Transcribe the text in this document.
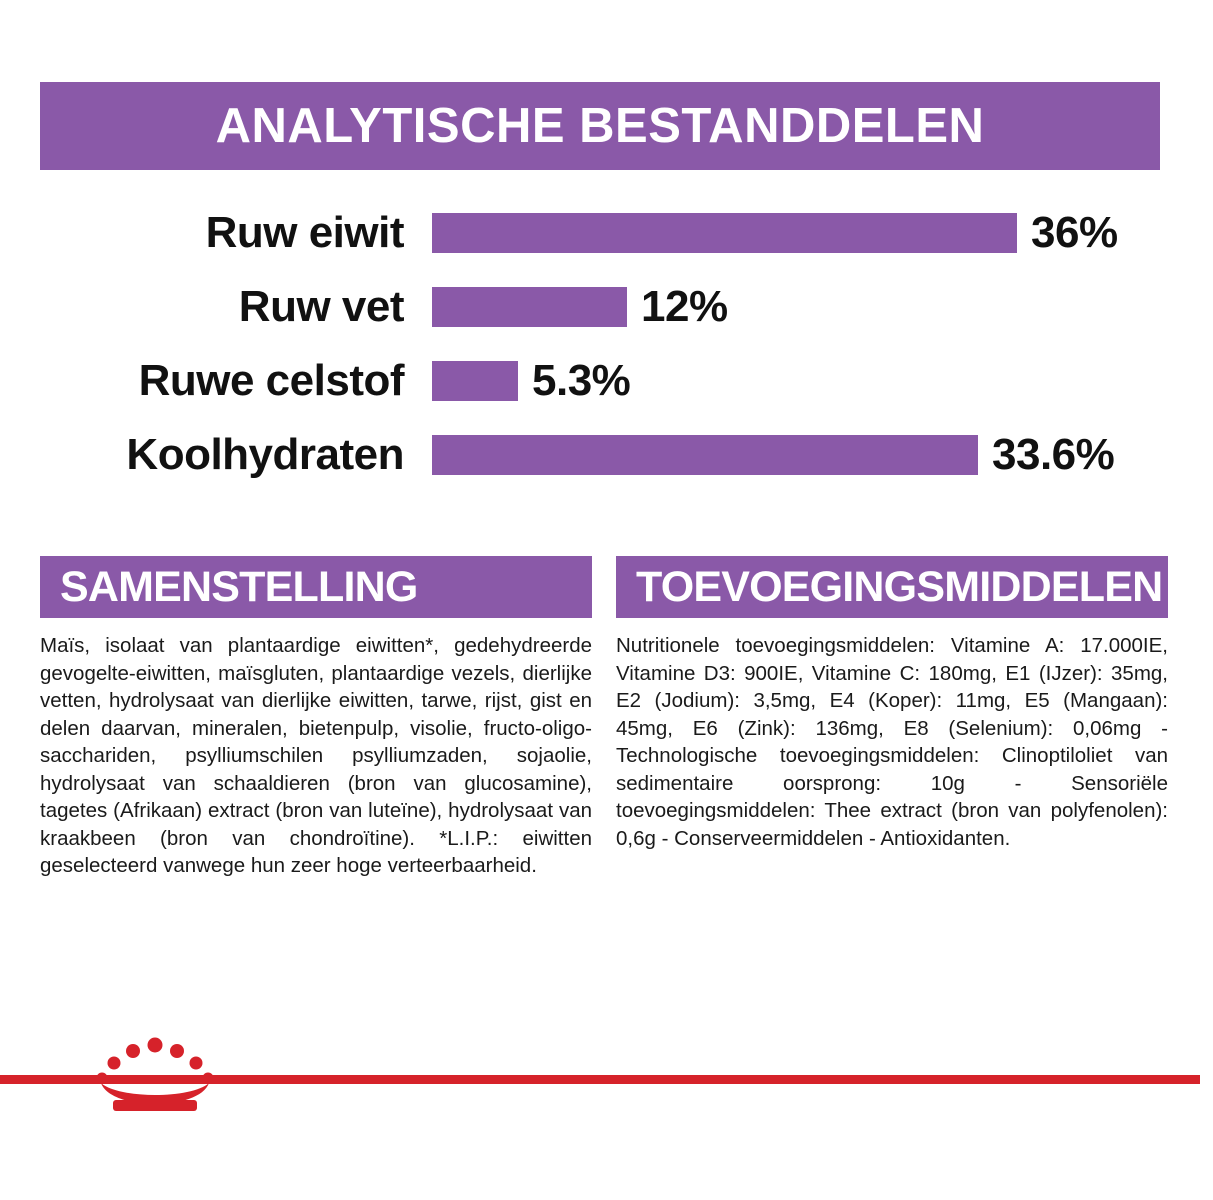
ANALYTISCHE BESTANDDELEN
Ruw eiwit	36%
Ruw vet	12%
Ruwe celstof	5.3%
Koolhydraten	33.6%
SAMENSTELLING

Maïs, isolaat van plantaardige eiwitten*, gedehydreerde gevogelte-eiwitten, maïsgluten, plantaardige vezels, dierlijke vetten, hydrolysaat van dierlijke eiwitten, tarwe, rijst, gist en delen daarvan, mineralen, bietenpulp, visolie, fructo-oligo-sacchariden, psylliumschilen psylliumzaden, sojaolie, hydrolysaat van schaaldieren (bron van glucosamine), tagetes (Afrikaan) extract (bron van luteïne), hydrolysaat van kraakbeen (bron van chondroïtine). *L.I.P.: eiwitten geselecteerd vanwege hun zeer hoge verteerbaarheid.

TOEVOEGINGSMIDDELEN (/kg)

Nutritionele toevoegingsmiddelen: Vitamine A: 17.000IE, Vitamine D3: 900IE, Vitamine C: 180mg, E1 (IJzer): 35mg, E2 (Jodium): 3,5mg, E4 (Koper): 11mg, E5 (Mangaan): 45mg, E6 (Zink): 136mg, E8 (Selenium): 0,06mg - Technologische toevoegingsmiddelen: Clinoptiloliet van sedimentaire oorsprong: 10g - Sensoriële toevoegingsmiddelen: Thee extract (bron van polyfenolen): 0,6g - Conserveermiddelen - Antioxidanten.
